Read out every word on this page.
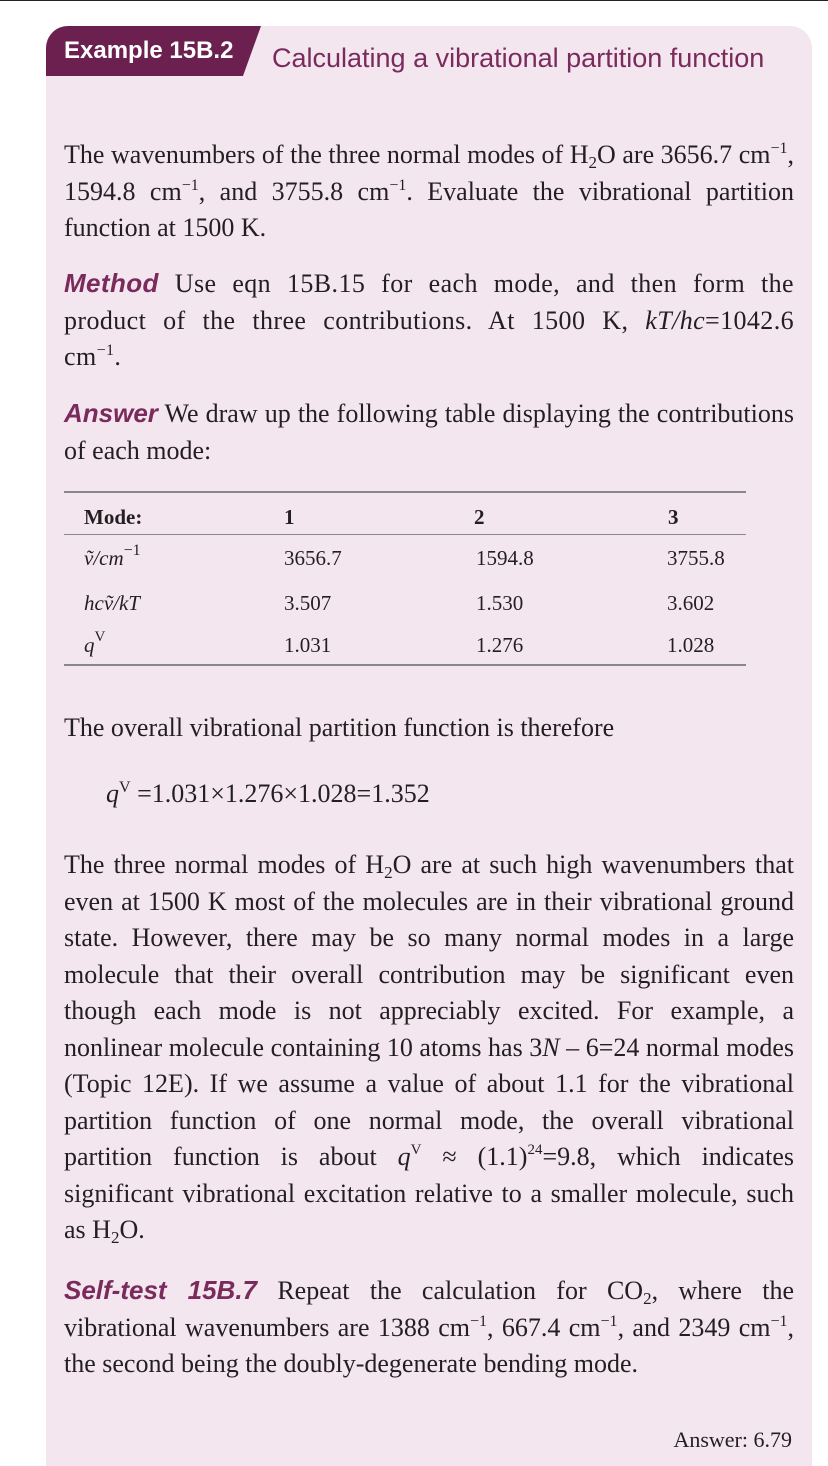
Example 15B.2	Calculating a vibrational partition function
The wavenumbers of the three normal modes of $H_2O$ are 3656.7 $cm^{-1}$, 1594.8 $cm^{-1}$, and 3755.8 $cm^{-1}$. Evaluate the vibrational partition function at 1500 K.
Method Use eqn 15B.15 for each mode, and then form the product of the three contributions. At 1500 K, kT/hc=1042.6 $cm^{-1}$.
Answer We draw up the following table displaying the contributions of each mode:
Mode:	1	2	3
$ṽ/cm^{-1}$	3656.7	1594.8	3755.8
hcṽ/kT	3.507	1.530	3.602
$q^V$	1.031	1.276	1.028
The overall vibrational partition function is therefore
$q^V =1.031\times 1.276\times 1.028=1.352$
The three normal modes of $H_2O$ are at such high wavenumbers that even at 1500 K most of the molecules are in their vibrational ground state. However, there may be so many normal modes in a large molecule that their overall contribution may be significant even though each mode is not appreciably excited. For example, a nonlinear molecule containing 10 atoms has 3N – 6=24 normal modes (Topic 12E). If we assume a value of about 1.1 for the vibrational partition function of one normal mode, the overall vibrational partition function is about $q^V \approx (1.1)^{24}=9.8$, which indicates significant vibrational excitation relative to a smaller molecule, such as $H_2O$.
Self-test 15B.7 Repeat the calculation for $CO_2$, where the vibrational wavenumbers are 1388 $cm^{-1}$, 667.4 $cm^{-1}$, and 2349 $cm^{-1}$, the second being the doubly-degenerate bending mode.
Answer: 6.79
